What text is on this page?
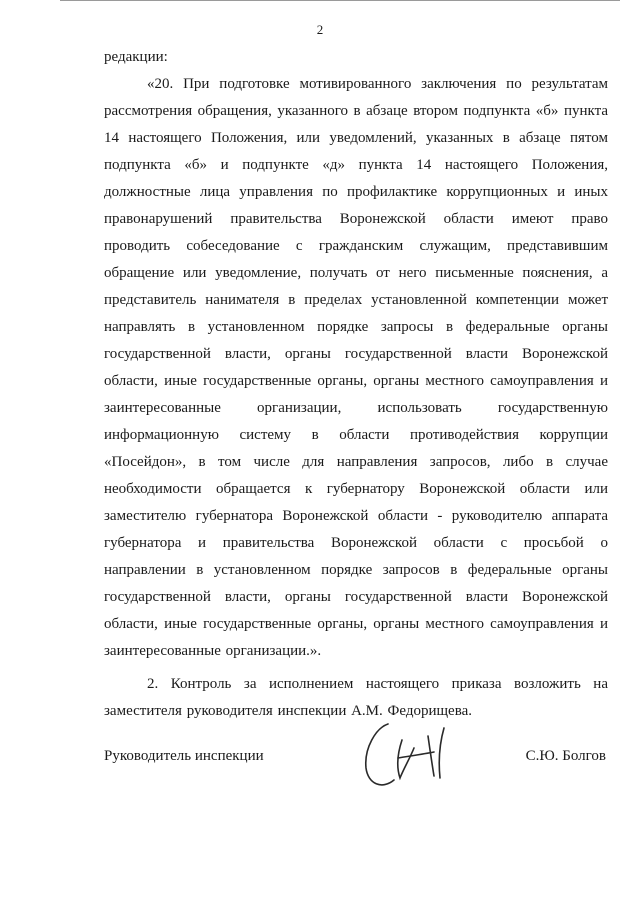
2

редакции:

«20. При подготовке мотивированного заключения по результатам рассмотрения обращения, указанного в абзаце втором подпункта «б» пункта 14 настоящего Положения, или уведомлений, указанных в абзаце пятом подпункта «б» и подпункте «д» пункта 14 настоящего Положения, должностные лица управления по профилактике коррупционных и иных правонарушений правительства Воронежской области имеют право проводить собеседование с гражданским служащим, представившим обращение или уведомление, получать от него письменные пояснения, а представитель нанимателя в пределах установленной компетенции может направлять в установленном порядке запросы в федеральные органы государственной власти, органы государственной власти Воронежской области, иные государственные органы, органы местного самоуправления и заинтересованные организации, использовать государственную информационную систему в области противодействия коррупции «Посейдон», в том числе для направления запросов, либо в случае необходимости обращается к губернатору Воронежской области или заместителю губернатора Воронежской области - руководителю аппарата губернатора и правительства Воронежской области с просьбой о направлении в установленном порядке запросов в федеральные органы государственной власти, органы государственной власти Воронежской области, иные государственные органы, органы местного самоуправления и заинтересованные организации.».

2. Контроль за исполнением настоящего приказа возложить на заместителя руководителя инспекции А.М. Федорищева.

Руководитель инспекции	С.Ю. Болгов
